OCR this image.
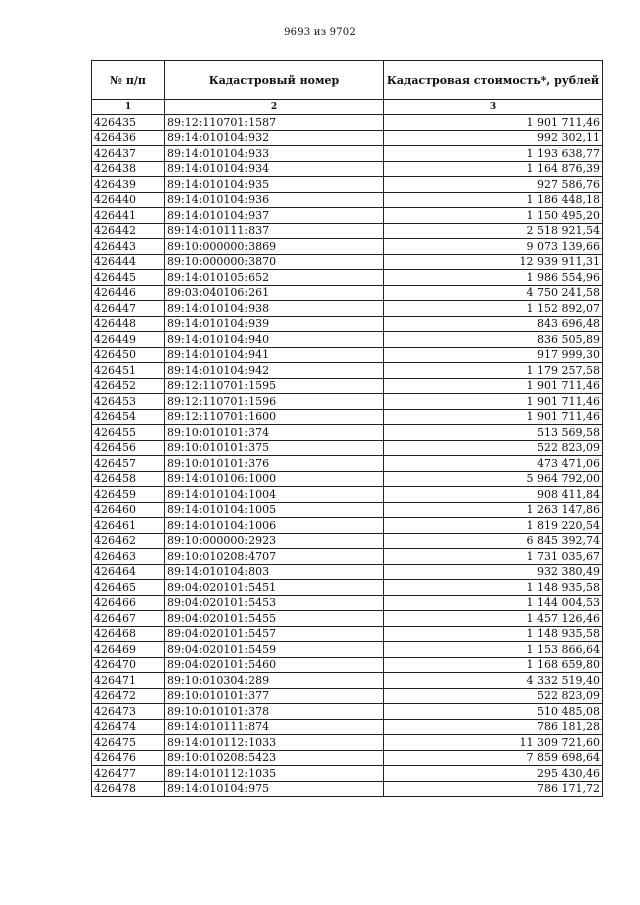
9693 из 9702
№ п/п	Кадастровый номер	Кадастровая стоимость*, рублей
1	2	3
426435	89:12:110701:1587	1 901 711,46
426436	89:14:010104:932	992 302,11
426437	89:14:010104:933	1 193 638,77
426438	89:14:010104:934	1 164 876,39
426439	89:14:010104:935	927 586,76
426440	89:14:010104:936	1 186 448,18
426441	89:14:010104:937	1 150 495,20
426442	89:14:010111:837	2 518 921,54
426443	89:10:000000:3869	9 073 139,66
426444	89:10:000000:3870	12 939 911,31
426445	89:14:010105:652	1 986 554,96
426446	89:03:040106:261	4 750 241,58
426447	89:14:010104:938	1 152 892,07
426448	89:14:010104:939	843 696,48
426449	89:14:010104:940	836 505,89
426450	89:14:010104:941	917 999,30
426451	89:14:010104:942	1 179 257,58
426452	89:12:110701:1595	1 901 711,46
426453	89:12:110701:1596	1 901 711,46
426454	89:12:110701:1600	1 901 711,46
426455	89:10:010101:374	513 569,58
426456	89:10:010101:375	522 823,09
426457	89:10:010101:376	473 471,06
426458	89:14:010106:1000	5 964 792,00
426459	89:14:010104:1004	908 411,84
426460	89:14:010104:1005	1 263 147,86
426461	89:14:010104:1006	1 819 220,54
426462	89:10:000000:2923	6 845 392,74
426463	89:10:010208:4707	1 731 035,67
426464	89:14:010104:803	932 380,49
426465	89:04:020101:5451	1 148 935,58
426466	89:04:020101:5453	1 144 004,53
426467	89:04:020101:5455	1 457 126,46
426468	89:04:020101:5457	1 148 935,58
426469	89:04:020101:5459	1 153 866,64
426470	89:04:020101:5460	1 168 659,80
426471	89:10:010304:289	4 332 519,40
426472	89:10:010101:377	522 823,09
426473	89:10:010101:378	510 485,08
426474	89:14:010111:874	786 181,28
426475	89:14:010112:1033	11 309 721,60
426476	89:10:010208:5423	7 859 698,64
426477	89:14:010112:1035	295 430,46
426478	89:14:010104:975	786 171,72
